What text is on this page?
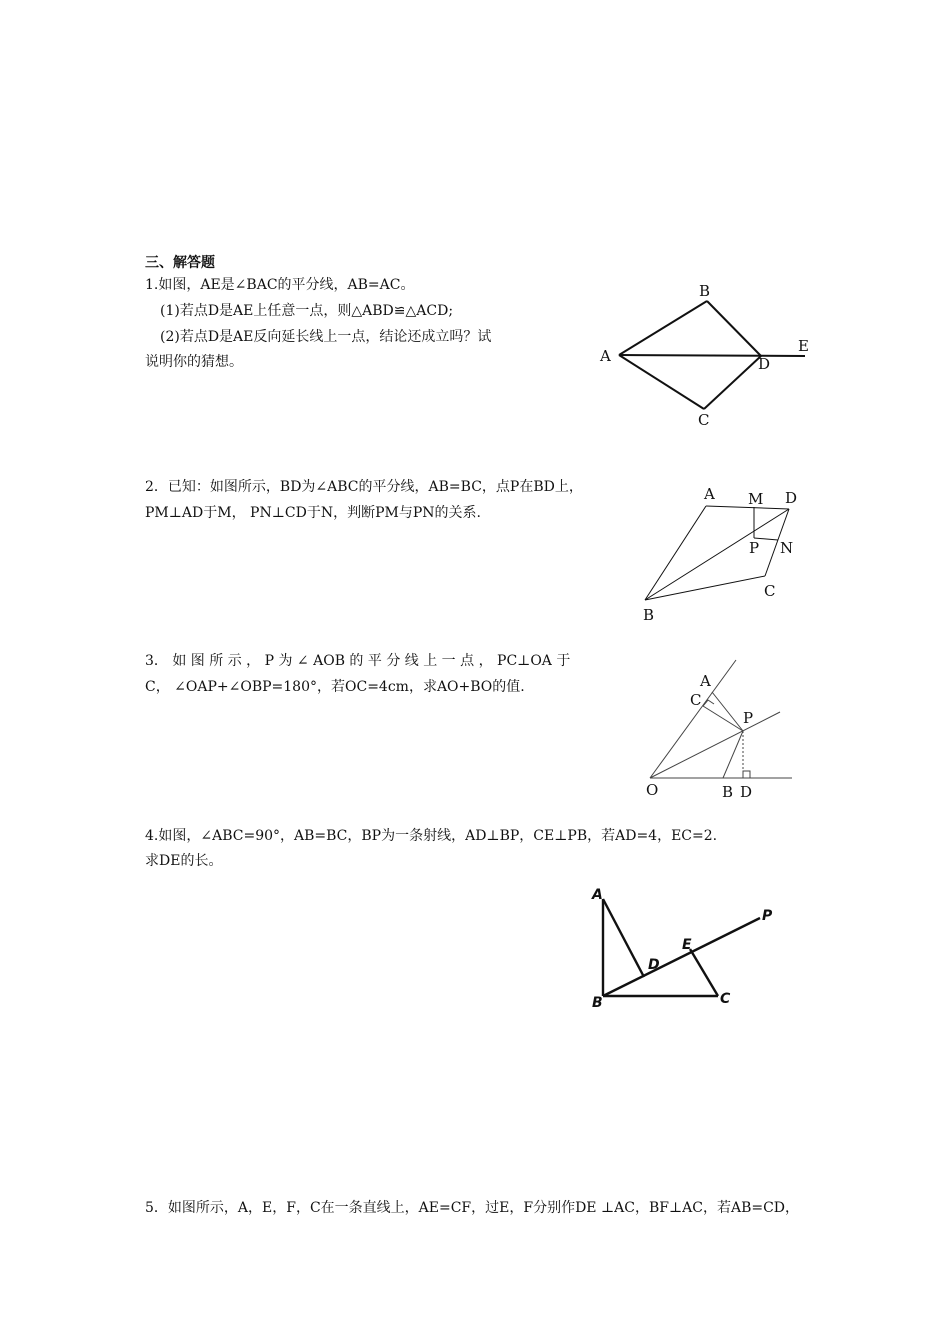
三、解答题
1.如图，AE是∠BAC的平分线，AB=AC。
(1)若点D是AE上任意一点，则△ABD≌△ACD;
(2)若点D是AE反向延长线上一点，结论还成立吗？试
说明你的猜想。
B
A	D
E
C
2．已知：如图所示，BD为∠ABC的平分线，AB=BC，点P在BD上，
PM⊥AD于M， PN⊥CD于N，判断PM与PN的关系.
A M D
P N
C
B
3． 如 图 所 示 ， P 为 ∠ AOB 的 平 分 线 上 一 点 ， PC⊥OA 于
C， ∠OAP+∠OBP=180°，若OC=4cm，求AO+BO的值.	A
C
P
O	B D
4.如图，∠ABC=90°，AB=BC，BP为一条射线，AD⊥BP，CE⊥PB，若AD=4，EC=2.
求DE的长。
A
D
E
P
B	C
5．如图所示，A，E，F，C在一条直线上，AE=CF，过E，F分别作DE ⊥AC，BF⊥AC，若AB=CD，
